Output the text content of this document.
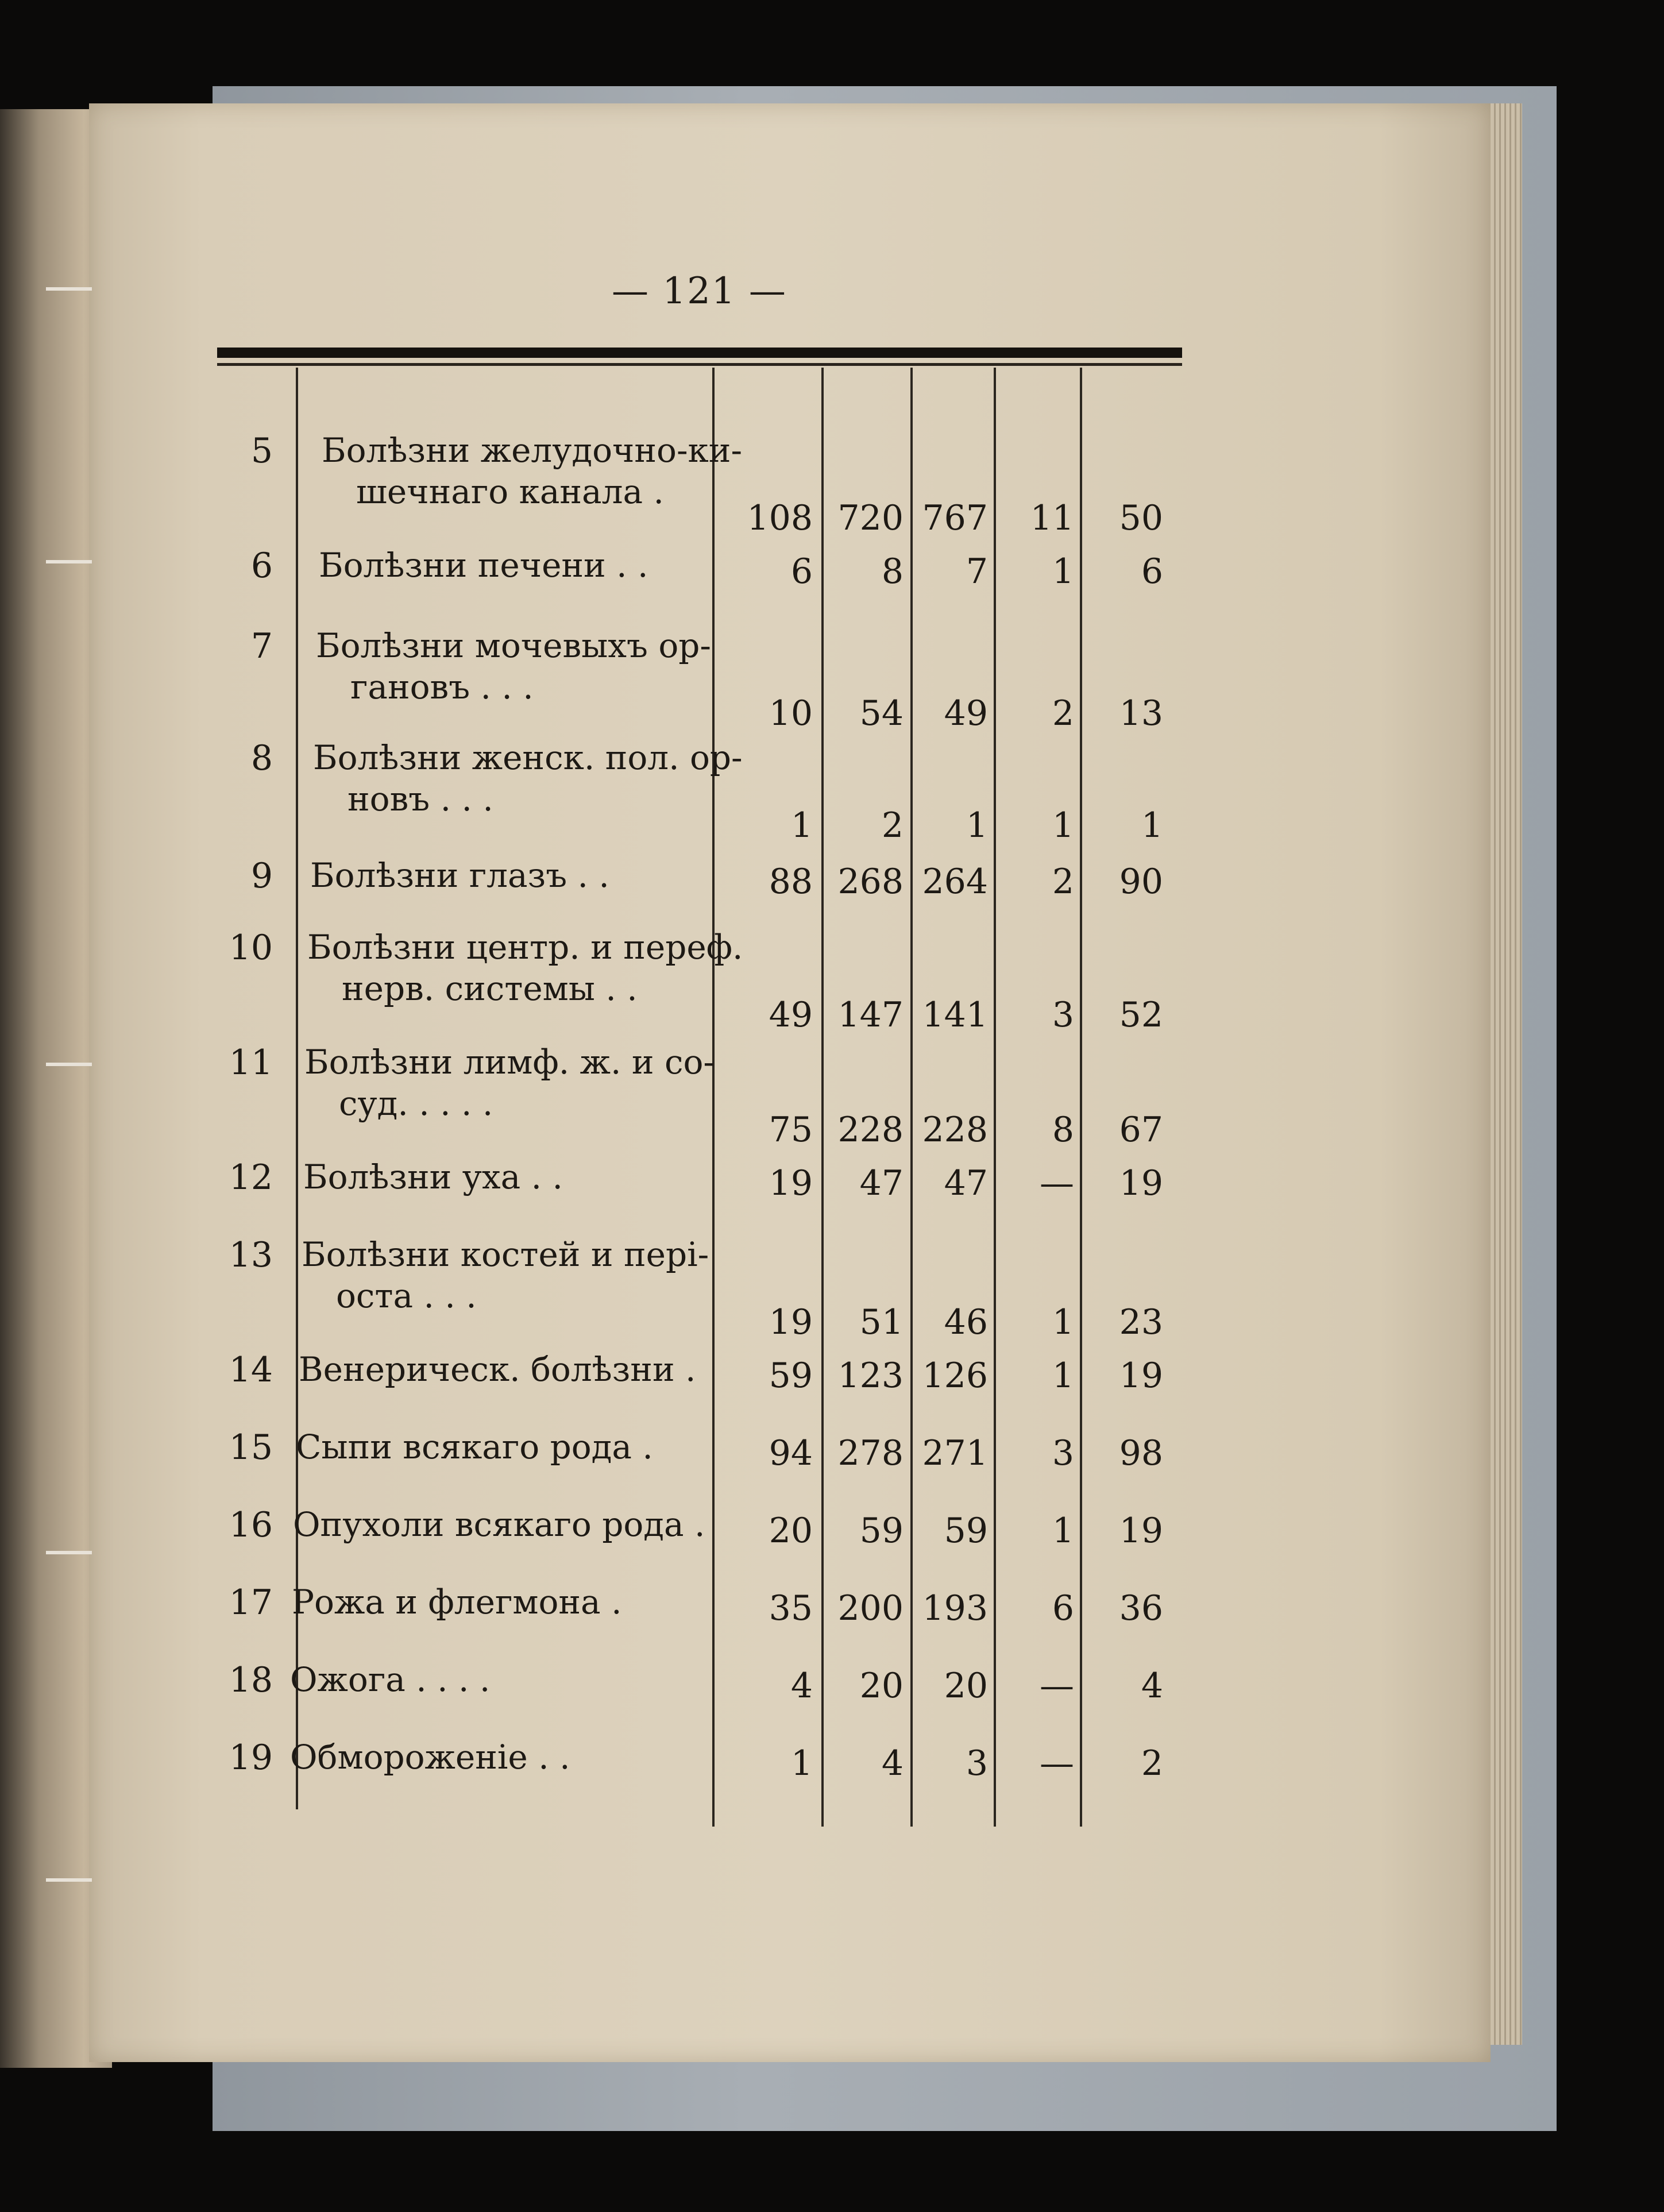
— 121 —
5 Болѣзни желудочно-ки-
шечнаго канала .
108 720 767 11 50
6 Болѣзни печени . .	6 8 7 1 6
7 Болѣзни мочевыхъ ор-
гановъ . . .
10 54 49 2 13
8 Болѣзни женск. пол. ор-
новъ . . .
1 2 1 1 1
9 Болѣзни глазъ . .	88 268 264 2 90
10 Болѣзни центр. и переф.
нерв. системы . .
49 147 141 3 52
11 Болѣзни лимф. ж. и со-
суд. . . . .
75 228 228 8 67
12 Болѣзни уха . .	19 47 47 — 19
13 Болѣзни костей и перi-
оста . . .
19 51 46 1 23
14 Венерическ. болѣзни . 59 123 126 1 19
15 Сыпи всякаго рода .	94 278 271 3 98
16 Опухоли всякаго рода . 20 59 59 1 19
17 Рожа и флегмона .	35 200 193 6 36
18 Ожога . . . .	4 20 20 — 4
19 Обмороженiе . .	1 4 3 — 2
